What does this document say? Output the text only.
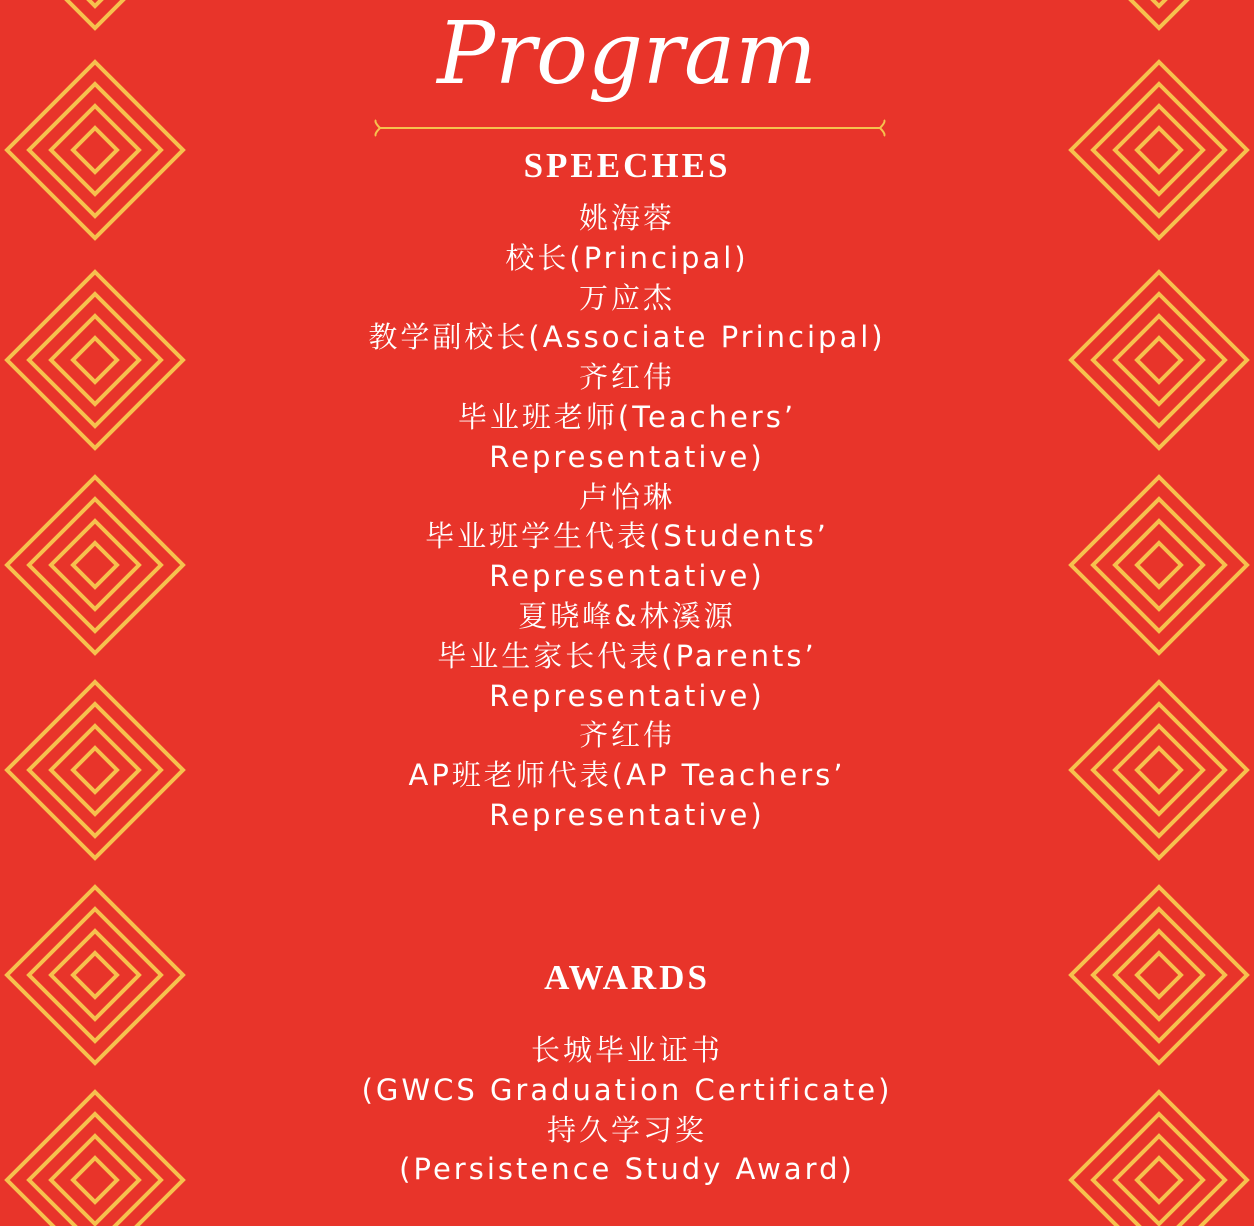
Program
SPEECHES
姚海蓉
校长(Principal)
万应杰
教学副校长(Associate Principal)
齐红伟
毕业班老师(Teachers’
Representative)
卢怡琳
毕业班学生代表(Students’
Representative)
夏晓峰&林溪源
毕业生家长代表(Parents’
Representative)
齐红伟
AP班老师代表(AP Teachers’
Representative)
AWARDS
长城毕业证书
(GWCS Graduation Certificate)
持久学习奖
(Persistence Study Award)
